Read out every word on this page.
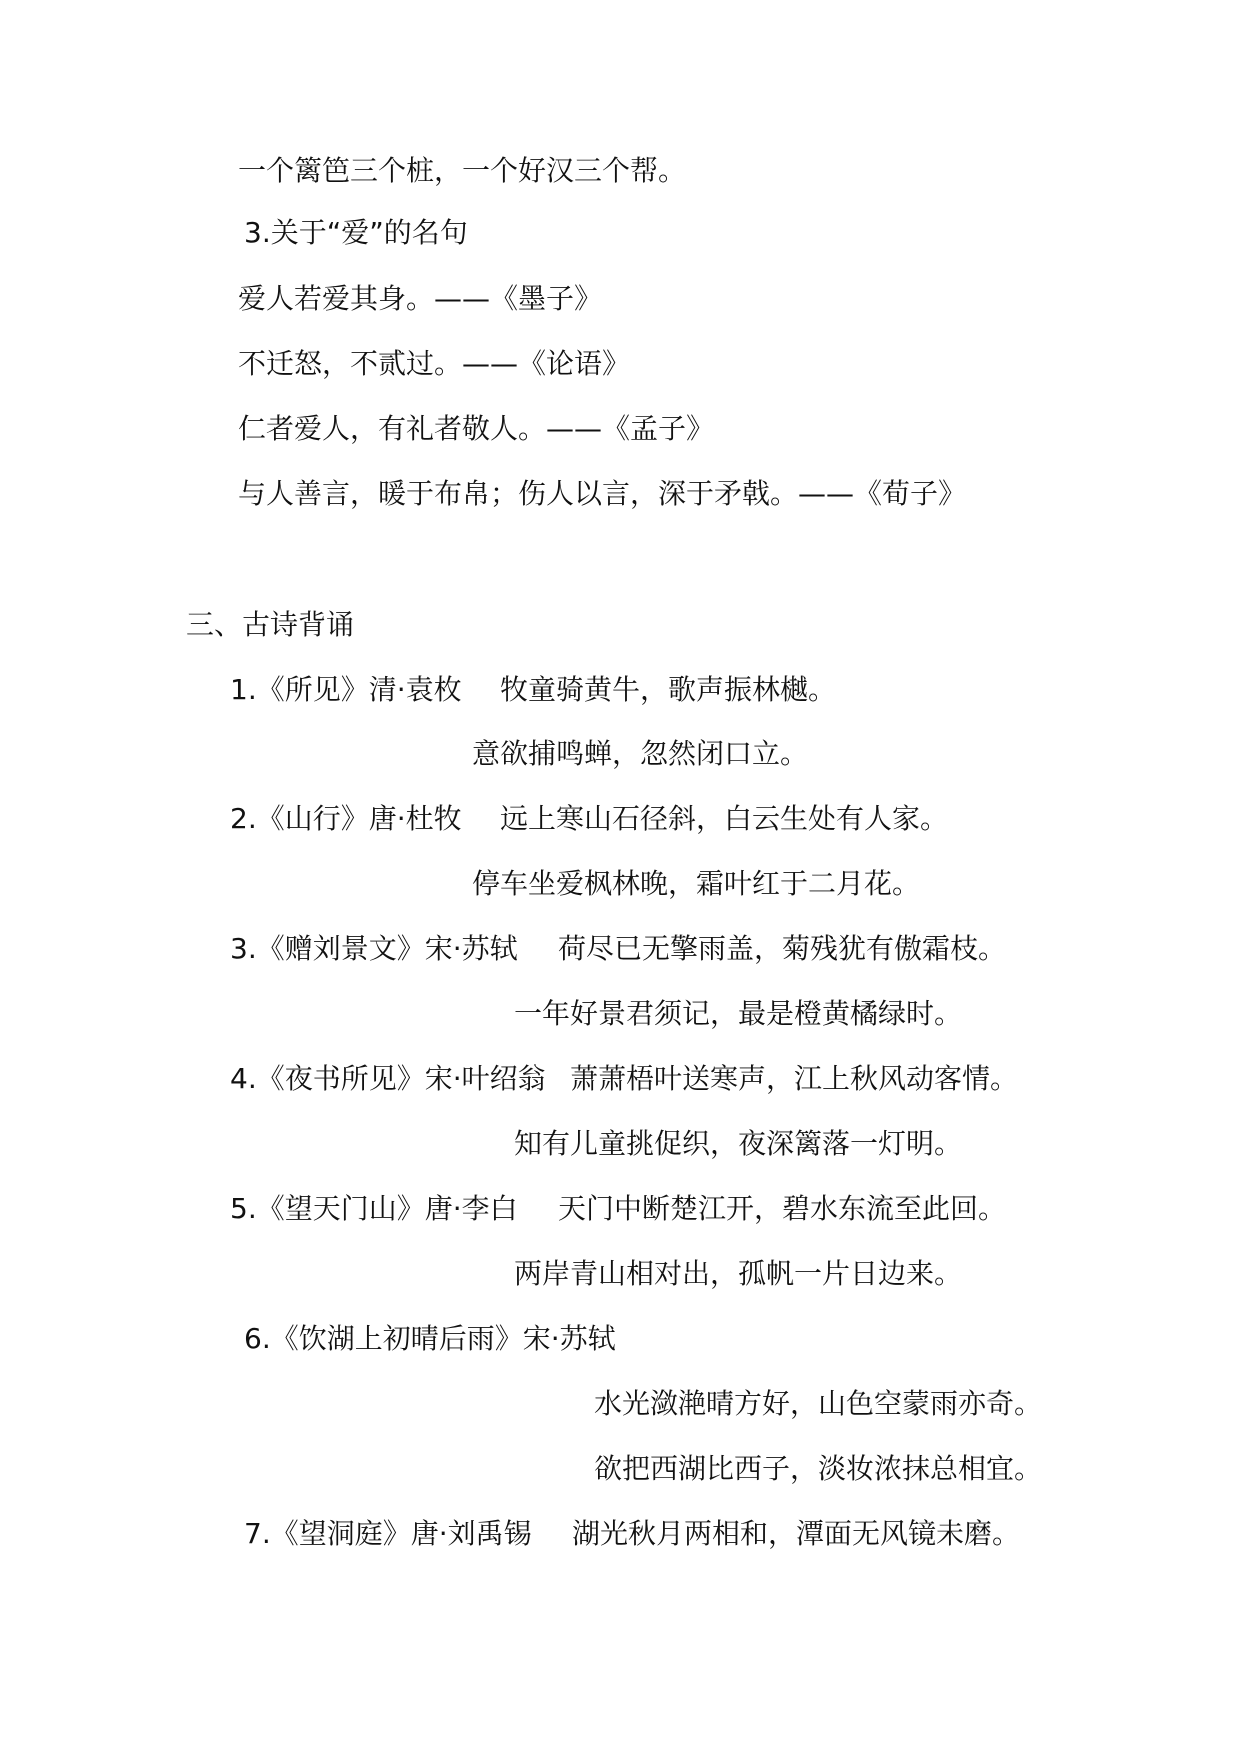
一个篱笆三个桩，一个好汉三个帮。
3.关于“爱”的名句
爱人若爱其身。——《墨子》
不迁怒，不贰过。——《论语》
仁者爱人，有礼者敬人。——《孟子》
与人善言，暖于布帛；伤人以言，深于矛戟。——《荀子》
三、古诗背诵
1.《所见》清·袁枚 牧童骑黄牛，歌声振林樾。
意欲捕鸣蝉，忽然闭口立。
2.《山行》唐·杜牧 远上寒山石径斜，白云生处有人家。
停车坐爱枫林晚，霜叶红于二月花。
3.《赠刘景文》宋·苏轼 荷尽已无擎雨盖，菊残犹有傲霜枝。
一年好景君须记，最是橙黄橘绿时。
4.《夜书所见》宋·叶绍翁 萧萧梧叶送寒声，江上秋风动客情。
知有儿童挑促织，夜深篱落一灯明。
5.《望天门山》唐·李白 天门中断楚江开，碧水东流至此回。
两岸青山相对出，孤帆一片日边来。
6.《饮湖上初晴后雨》宋·苏轼
水光潋滟晴方好，山色空蒙雨亦奇。
欲把西湖比西子，淡妆浓抹总相宜。
7.《望洞庭》唐·刘禹锡 湖光秋月两相和，潭面无风镜未磨。
